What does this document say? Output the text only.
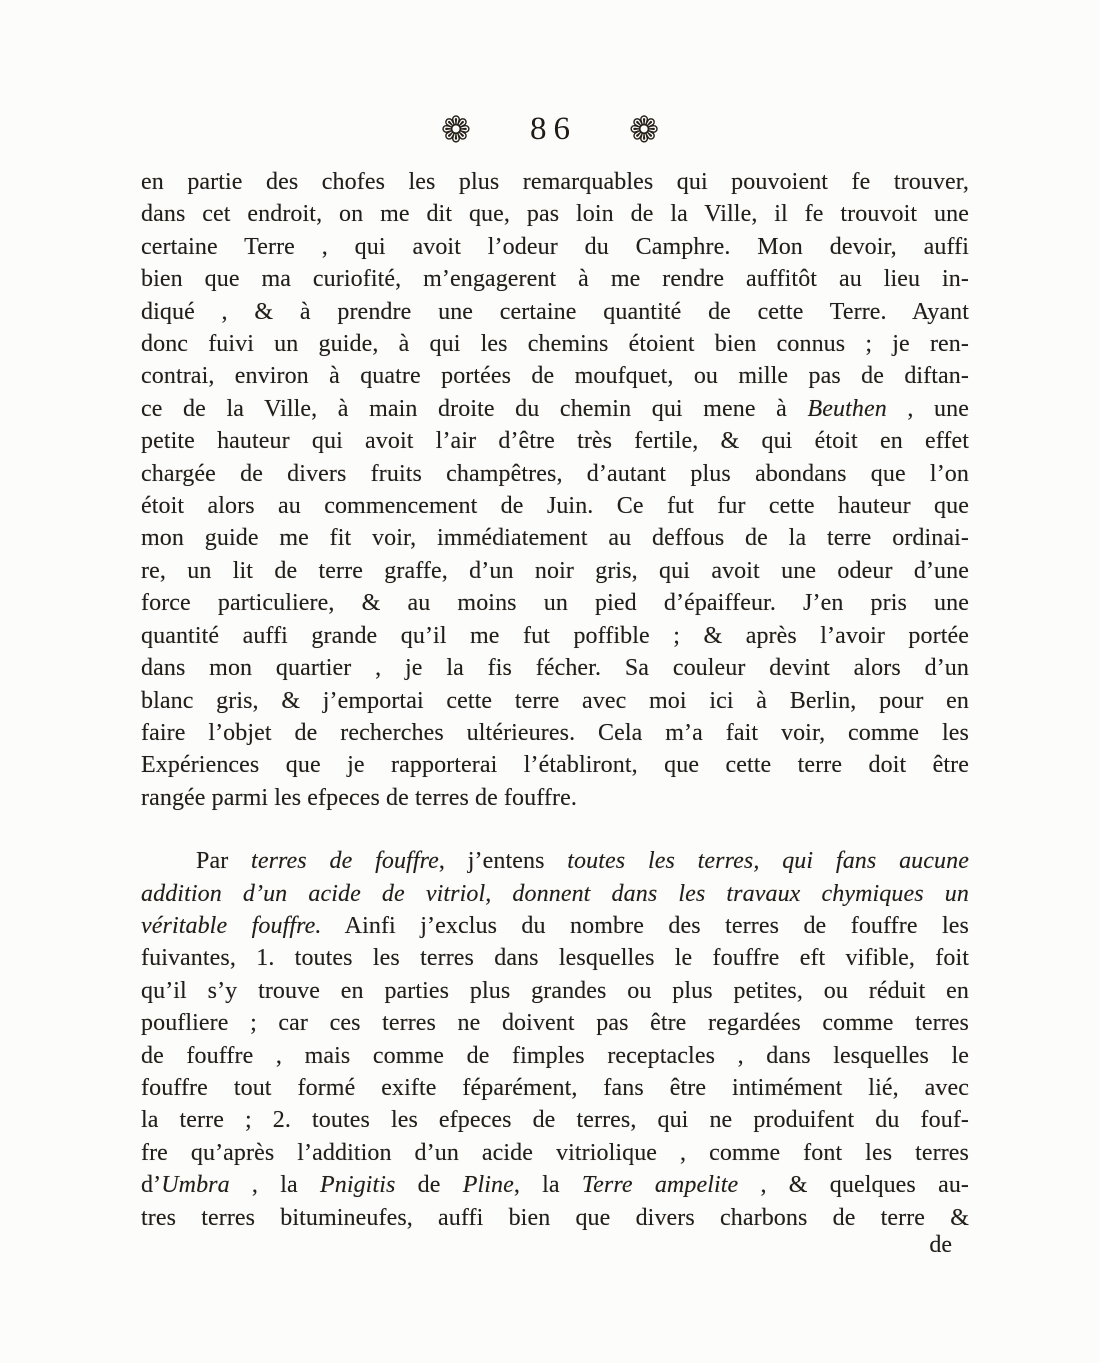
❁ 86 ❁
en partie des chofes les plus remarquables qui pouvoient fe trouver,
dans cet endroit, on me dit que, pas loin de la Ville, il fe trouvoit une
certaine Terre , qui avoit l’odeur du Camphre. Mon devoir, auffi
bien que ma curiofité, m’engagerent à me rendre auffitôt au lieu in-
diqué , & à prendre une certaine quantité de cette Terre. Ayant
donc fuivi un guide, à qui les chemins étoient bien connus ; je ren-
contrai, environ à quatre portées de moufquet, ou mille pas de diftan-
ce de la Ville, à main droite du chemin qui mene à Beuthen , une
petite hauteur qui avoit l’air d’être très fertile, & qui étoit en effet
chargée de divers fruits champêtres, d’autant plus abondans que l’on
étoit alors au commencement de Juin. Ce fut fur cette hauteur que
mon guide me fit voir, immédiatement au deffous de la terre ordinai-
re, un lit de terre graffe, d’un noir gris, qui avoit une odeur d’une
force particuliere, & au moins un pied d’épaiffeur. J’en pris une
quantité auffi grande qu’il me fut poffible ; & après l’avoir portée
dans mon quartier , je la fis fécher. Sa couleur devint alors d’un
blanc gris, & j’emportai cette terre avec moi ici à Berlin, pour en
faire l’objet de recherches ultérieures. Cela m’a fait voir, comme les
Expériences que je rapporterai l’établiront, que cette terre doit être
rangée parmi les efpeces de terres de fouffre.
Par terres de fouffre, j’entens toutes les terres, qui fans aucune
addition d’un acide de vitriol, donnent dans les travaux chymiques un
véritable fouffre. Ainfi j’exclus du nombre des terres de fouffre les
fuivantes, 1. toutes les terres dans lesquelles le fouffre eft vifible, foit
qu’il s’y trouve en parties plus grandes ou plus petites, ou réduit en
poufliere ; car ces terres ne doivent pas être regardées comme terres
de fouffre , mais comme de fimples receptacles , dans lesquelles le
fouffre tout formé exifte féparément, fans être intimément lié, avec
la terre ; 2. toutes les efpeces de terres, qui ne produifent du fouf-
fre qu’après l’addition d’un acide vitriolique , comme font les terres
d’Umbra , la Pnigitis de Pline, la Terre ampelite , & quelques au-
tres terres bitumineufes, auffi bien que divers charbons de terre &
de
